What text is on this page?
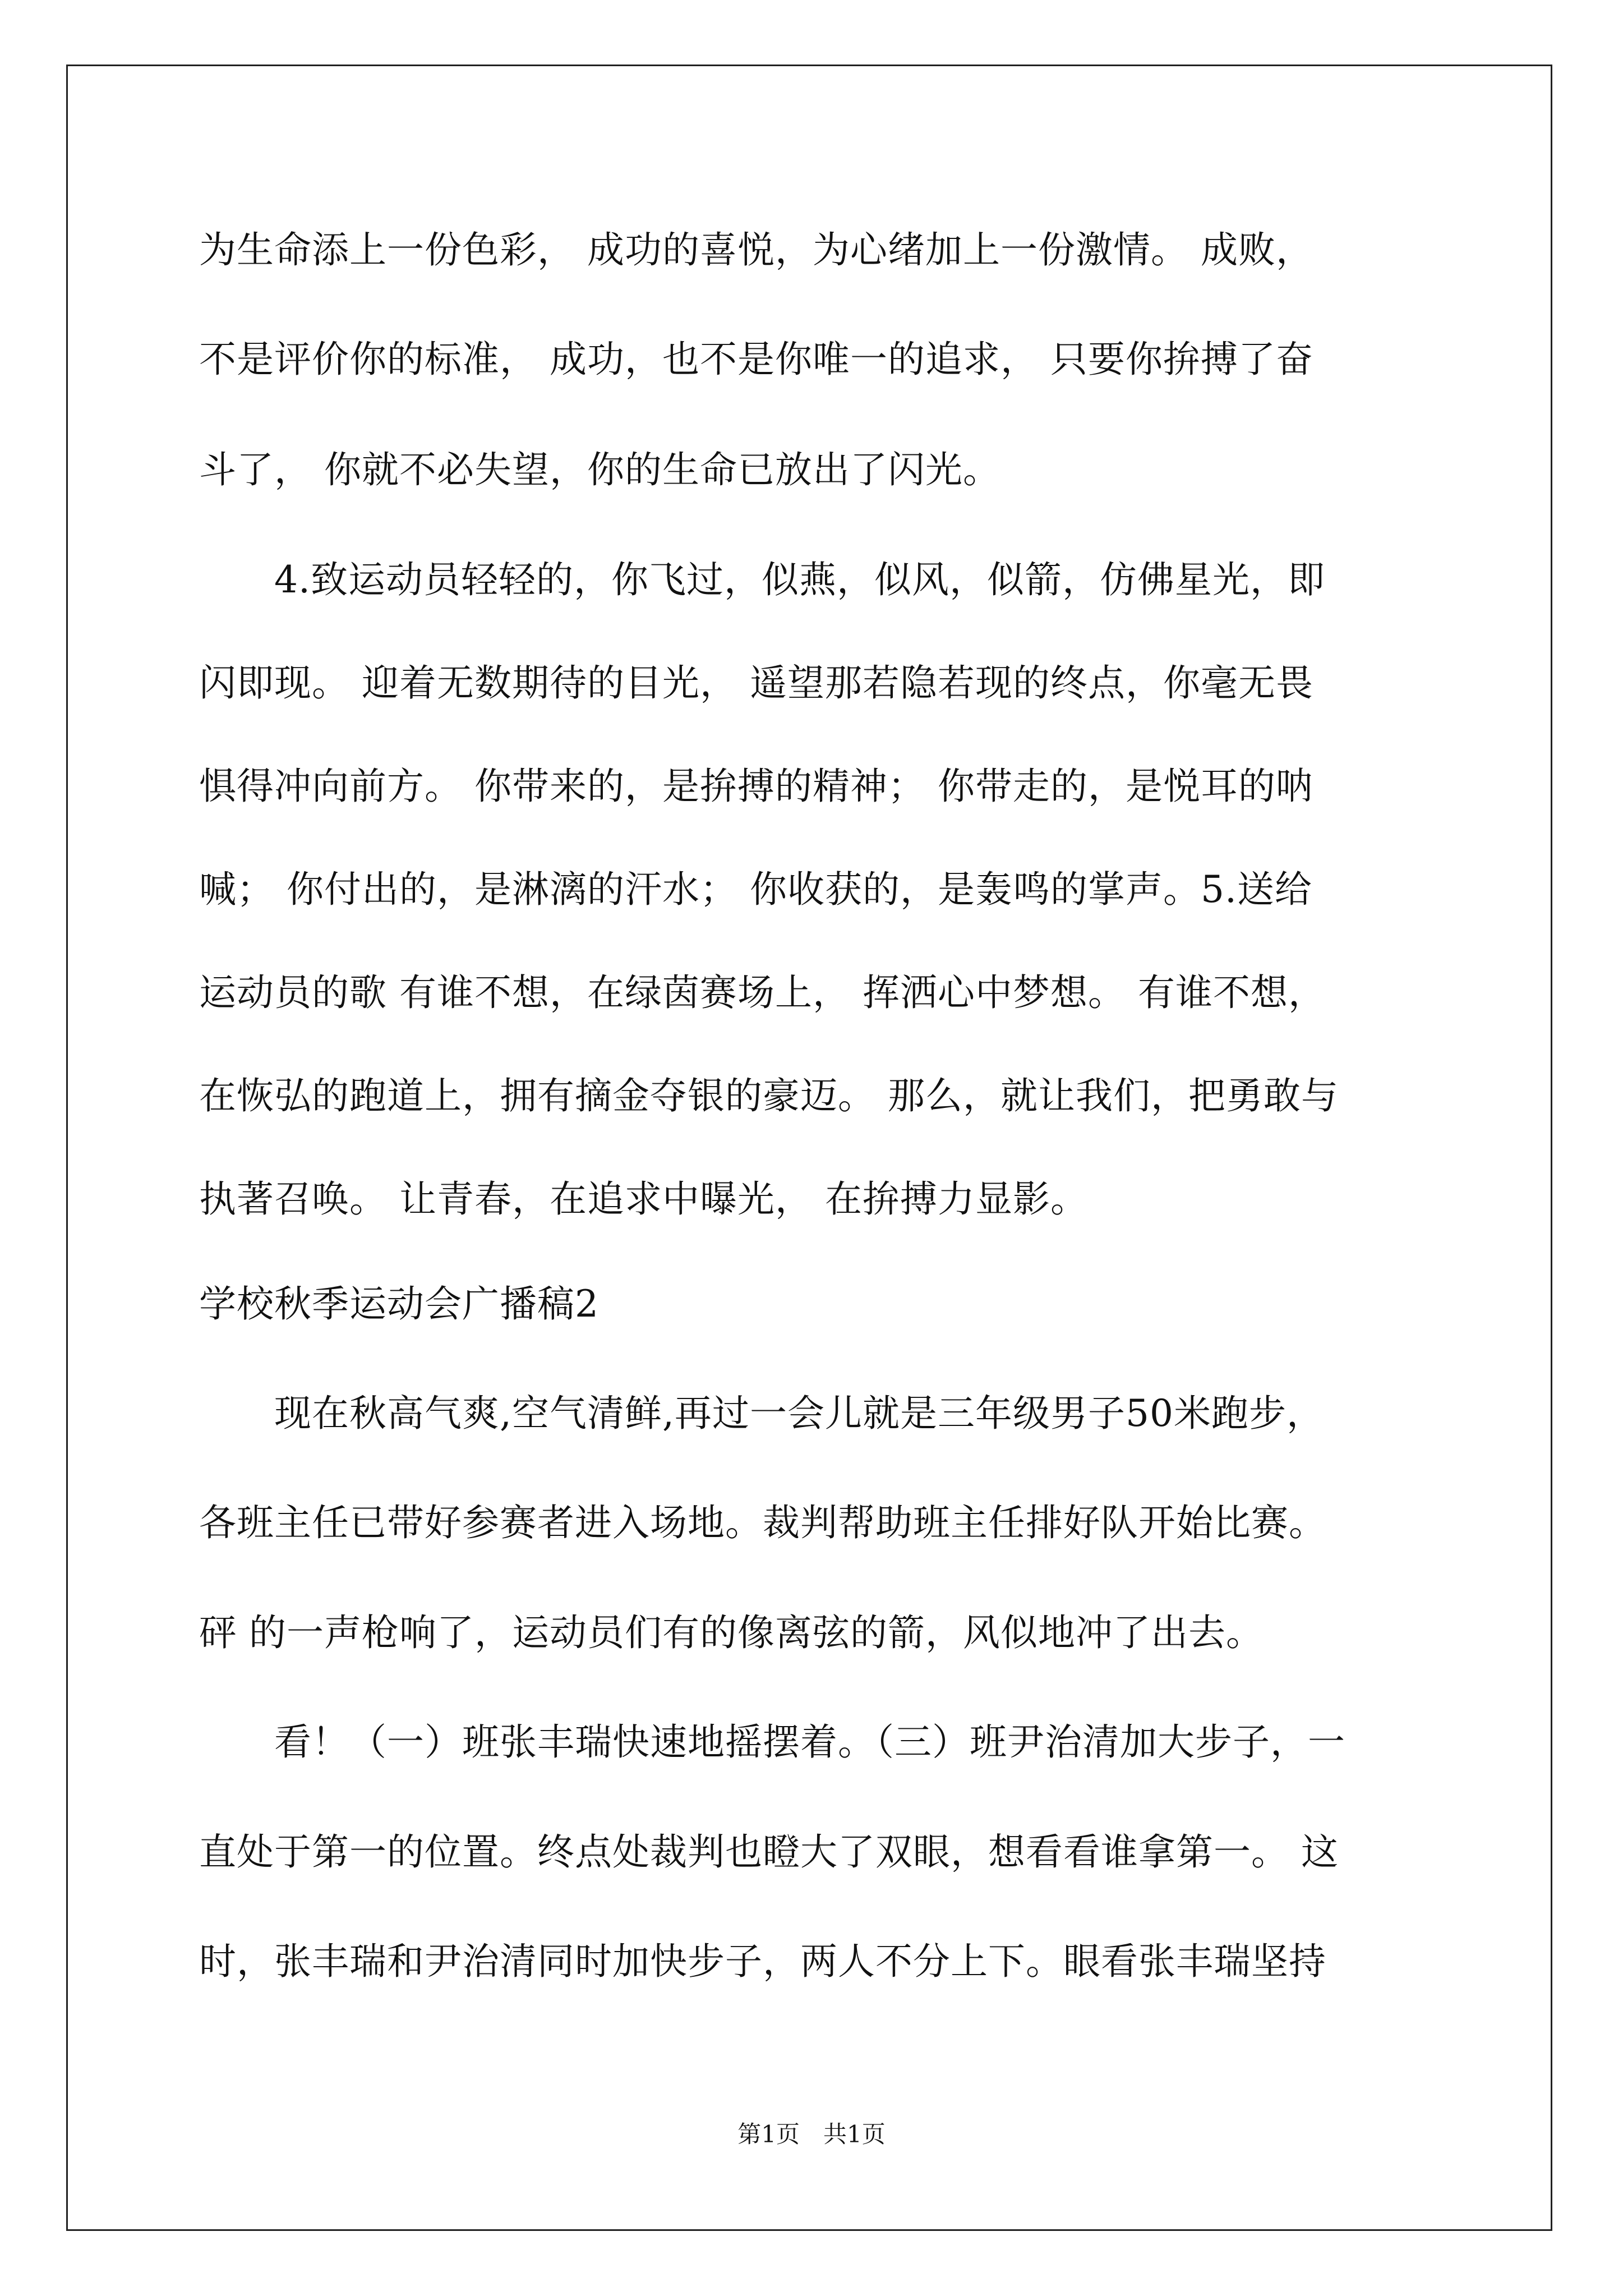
为生命添上一份色彩， 成功的喜悦，为心绪加上一份激情。 成败，
不是评价你的标准， 成功，也不是你唯一的追求， 只要你拚搏了奋
斗了， 你就不必失望，你的生命已放出了闪光。
　　4.致运动员轻轻的，你飞过，似燕，似风，似箭，仿佛星光，即
闪即现。 迎着无数期待的目光， 遥望那若隐若现的终点，你毫无畏
惧得冲向前方。 你带来的，是拚搏的精神； 你带走的，是悦耳的呐
喊； 你付出的，是淋漓的汗水； 你收获的，是轰鸣的掌声。5.送给
运动员的歌 有谁不想，在绿茵赛场上， 挥洒心中梦想。 有谁不想，
在恢弘的跑道上，拥有摘金夺银的豪迈。 那么，就让我们，把勇敢与
执著召唤。 让青春，在追求中曝光， 在拚搏力显影。
学校秋季运动会广播稿2
　　现在秋高气爽,空气清鲜,再过一会儿就是三年级男子50米跑步，
各班主任已带好参赛者进入场地。裁判帮助班主任排好队开始比赛。
砰 的一声枪响了，运动员们有的像离弦的箭，风似地冲了出去。
　　看！（一）班张丰瑞快速地摇摆着。（三）班尹治清加大步子，一
直处于第一的位置。终点处裁判也瞪大了双眼，想看看谁拿第一。 这
时，张丰瑞和尹治清同时加快步子，两人不分上下。眼看张丰瑞坚持
第1页　共1页
